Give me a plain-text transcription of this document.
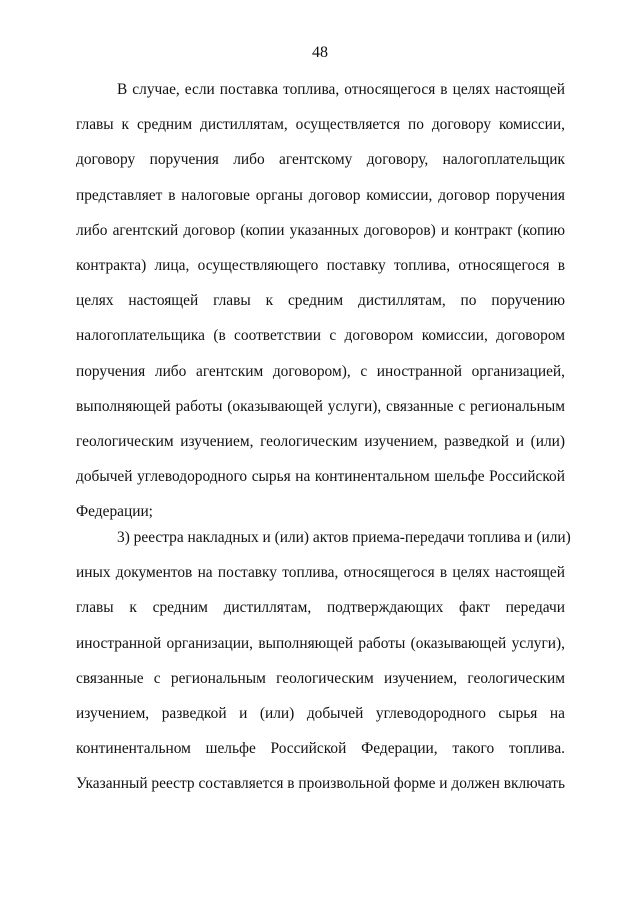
48
В случае, если поставка топлива, относящегося в целях настоящей
главы к средним дистиллятам, осуществляется по договору комиссии,
договору поручения либо агентскому договору, налогоплательщик
представляет в налоговые органы договор комиссии, договор поручения
либо агентский договор (копии указанных договоров) и контракт (копию
контракта) лица, осуществляющего поставку топлива, относящегося в
целях настоящей главы к средним дистиллятам, по поручению
налогоплательщика (в соответствии с договором комиссии, договором
поручения либо агентским договором), с иностранной организацией,
выполняющей работы (оказывающей услуги), связанные с региональным
геологическим изучением, геологическим изучением, разведкой и (или)
добычей углеводородного сырья на континентальном шельфе Российской
Федерации;
3) реестра накладных и (или) актов приема-передачи топлива и (или)
иных документов на поставку топлива, относящегося в целях настоящей
главы к средним дистиллятам, подтверждающих факт передачи
иностранной организации, выполняющей работы (оказывающей услуги),
связанные с региональным геологическим изучением, геологическим
изучением, разведкой и (или) добычей углеводородного сырья на
континентальном шельфе Российской Федерации, такого топлива.
Указанный реестр составляется в произвольной форме и должен включать
